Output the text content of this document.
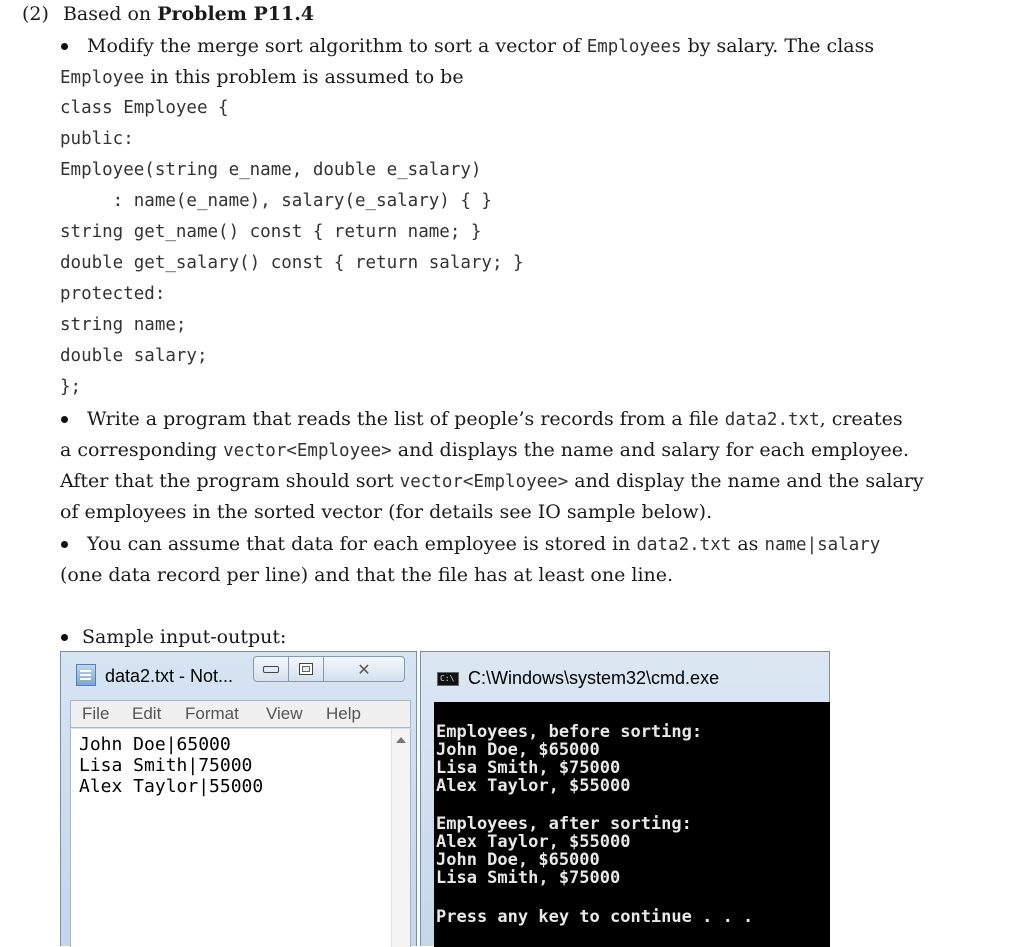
(2) Based on Problem P11.4
Modify the merge sort algorithm to sort a vector of Employees by salary. The class
Employee in this problem is assumed to be
class Employee {
public:
Employee(string e_name, double e_salary)
: name(e_name), salary(e_salary) { }
string get_name() const { return name; }
double get_salary() const { return salary; }
protected:
string name;
double salary;
};
Write a program that reads the list of people’s records from a file data2.txt, creates
a corresponding vector<Employee> and displays the name and salary for each employee.
After that the program should sort vector<Employee> and display the name and the salary
of employees in the sorted vector (for details see IO sample below).
You can assume that data for each employee is stored in data2.txt as name|salary
(one data record per line) and that the file has at least one line.
Sample input-output:
data2.txt - Not...	✕
File Edit Format View Help
John Doe|65000
Lisa Smith|75000
Alex Taylor|55000
C:\ C:\Windows\system32\cmd.exe
Employees, before sorting:
John Doe, $65000
Lisa Smith, $75000
Alex Taylor, $55000
Employees, after sorting:
Alex Taylor, $55000
John Doe, $65000
Lisa Smith, $75000
Press any key to continue . . .
